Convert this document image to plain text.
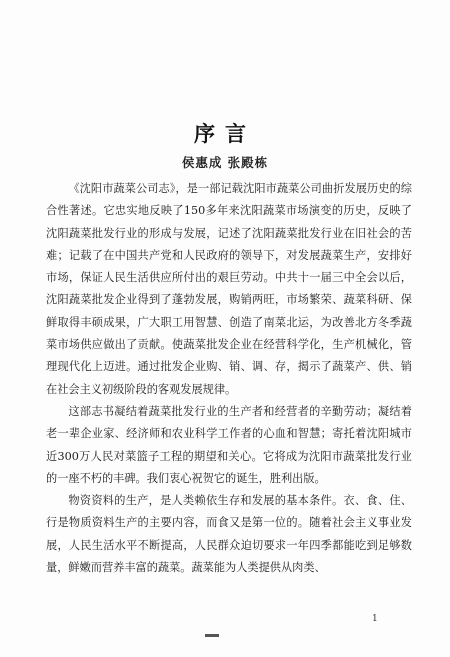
序言
侯惠成 张殿栋

《沈阳市蔬菜公司志》，是一部记载沈阳市蔬菜公司曲折发展历史的综合性著述。它忠实地反映了150多年来沈阳蔬菜市场演变的历史，反映了沈阳蔬菜批发行业的形成与发展，记述了沈阳蔬菜批发行业在旧社会的苦难；记载了在中国共产党和人民政府的领导下，对发展蔬菜生产，安排好市场，保证人民生活供应所付出的艰巨劳动。中共十一届三中全会以后，沈阳蔬菜批发企业得到了蓬勃发展，购销两旺，市场繁荣、蔬菜科研、保鲜取得丰硕成果，广大职工用智慧、创造了南菜北运，为改善北方冬季蔬菜市场供应做出了贡献。使蔬菜批发企业在经营科学化，生产机械化，管理现代化上迈进。通过批发企业购、销、调、存，揭示了蔬菜产、供、销在社会主义初级阶段的客观发展规律。

这部志书凝结着蔬菜批发行业的生产者和经营者的辛勤劳动；凝结着老一辈企业家、经济师和农业科学工作者的心血和智慧；寄托着沈阳城市近300万人民对菜篮子工程的期望和关心。它将成为沈阳市蔬菜批发行业的一座不朽的丰碑。我们衷心祝贺它的诞生，胜利出版。

物资资料的生产，是人类赖依生存和发展的基本条件。衣、食、住、行是物质资料生产的主要内容，而食又是第一位的。随着社会主义事业发展，人民生活水平不断提高，人民群众迫切要求一年四季都能吃到足够数量，鲜嫩而营养丰富的蔬菜。蔬菜能为人类提供从肉类、

1
